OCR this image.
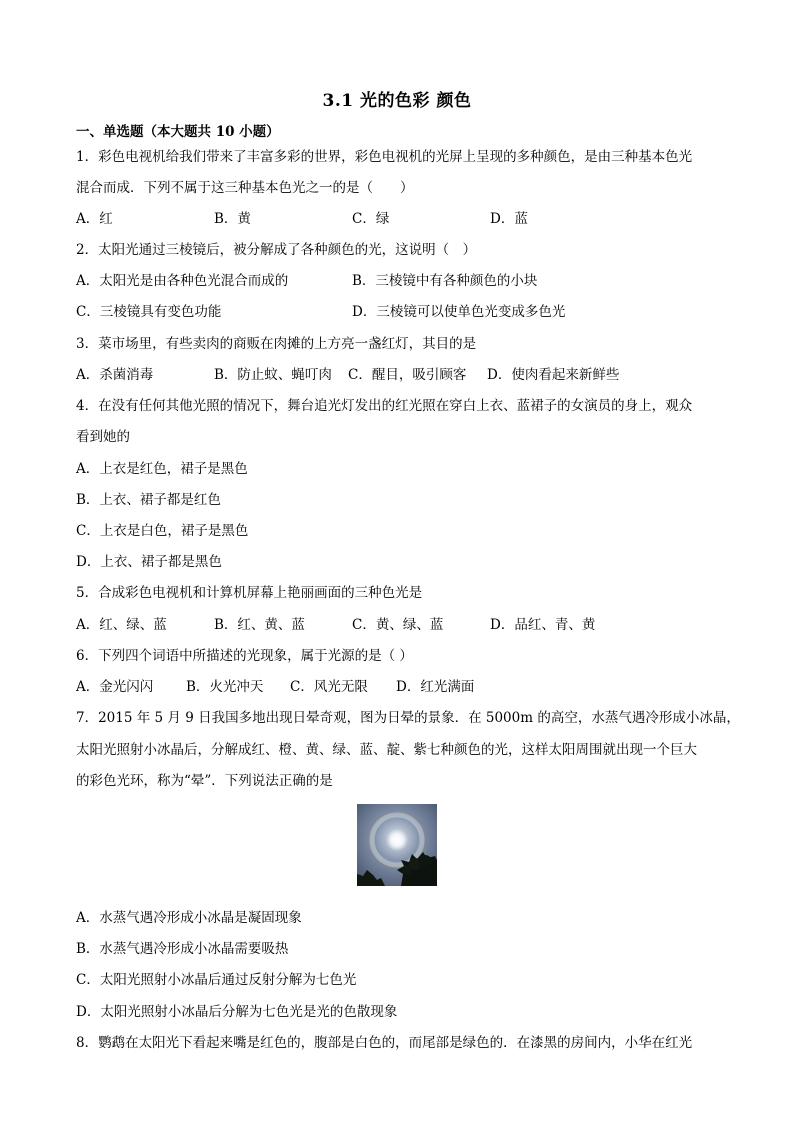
3.1 光的色彩 颜色
一、单选题（本大题共 10 小题）
1．彩色电视机给我们带来了丰富多彩的世界，彩色电视机的光屏上呈现的多种颜色，是由三种基本色光
混合而成．下列不属于这三种基本色光之一的是（　　）
A．红	B．黄	C．绿	D．蓝
2．太阳光通过三棱镜后，被分解成了各种颜色的光，这说明（　）
A．太阳光是由各种色光混合而成的	B．三棱镜中有各种颜色的小块
C．三棱镜具有变色功能	D．三棱镜可以使单色光变成多色光
3．菜市场里，有些卖肉的商贩在肉摊的上方亮一盏红灯，其目的是
A．杀菌消毒	B．防止蚊、蝇叮肉 C．醒目，吸引顾客 D．使肉看起来新鲜些
4．在没有任何其他光照的情况下，舞台追光灯发出的红光照在穿白上衣、蓝裙子的女演员的身上，观众
看到她的
A．上衣是红色，裙子是黑色
B．上衣、裙子都是红色
C．上衣是白色，裙子是黑色
D．上衣、裙子都是黑色
5．合成彩色电视机和计算机屏幕上艳丽画面的三种色光是
A．红、绿、蓝	B．红、黄、蓝	C．黄、绿、蓝	D．品红、青、黄
6．下列四个词语中所描述的光现象，属于光源的是（ ）
A．金光闪闪 B．火光冲天 C．风光无限 D．红光满面
7．2015 年 5 月 9 日我国多地出现日晕奇观，图为日晕的景象．在 5000m 的高空，水蒸气遇冷形成小冰晶，
太阳光照射小冰晶后，分解成红、橙、黄、绿、蓝、靛、紫七种颜色的光，这样太阳周围就出现一个巨大
的彩色光环，称为“晕”．下列说法正确的是
A．水蒸气遇冷形成小冰晶是凝固现象
B．水蒸气遇冷形成小冰晶需要吸热
C．太阳光照射小冰晶后通过反射分解为七色光
D．太阳光照射小冰晶后分解为七色光是光的色散现象
8．鹦鹉在太阳光下看起来嘴是红色的，腹部是白色的，而尾部是绿色的．在漆黑的房间内，小华在红光
